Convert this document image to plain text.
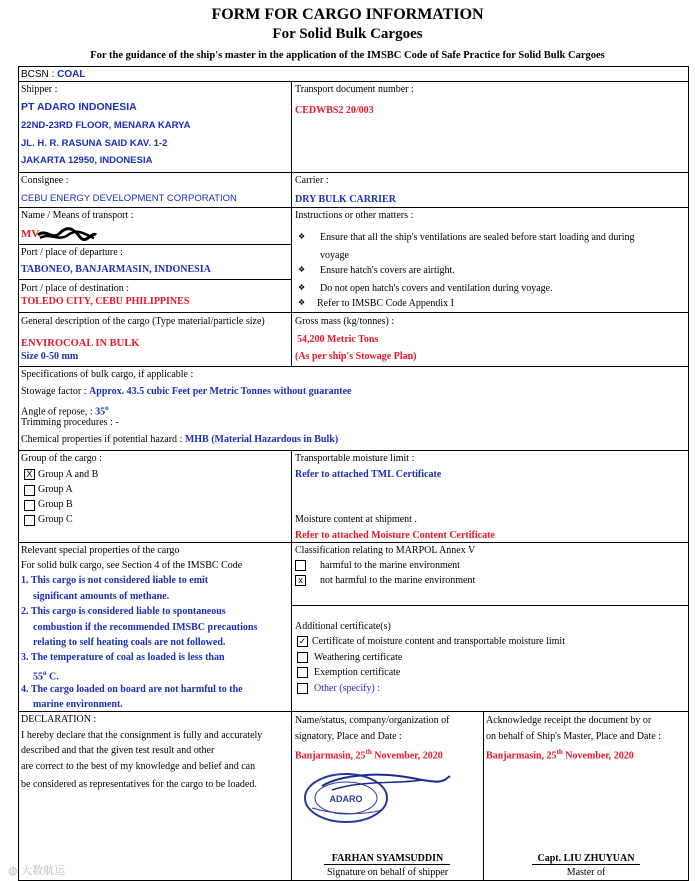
FORM FOR CARGO INFORMATION
For Solid Bulk Cargoes
For the guidance of the ship's master in the application of the IMSBC Code of Safe Practice for Solid Bulk Cargoes
BCSN : COAL
Shipper :
PT ADARO INDONESIA
22ND-23RD FLOOR, MENARA KARYA
JL. H. R. RASUNA SAID KAV. 1-2
JAKARTA 12950, INDONESIA
Transport document number :
CEDWBS2 20/003
Consignee :
CEBU ENERGY DEVELOPMENT CORPORATION
Carrier :
DRY BULK CARRIER
Name / Means of transport :
MV
Instructions or other matters :
❖ Ensure that all the ship's ventilations are sealed before start loading and during
voyage
❖ Ensure hatch's covers are airtight.
❖ Do not open hatch's covers and ventilation during voyage.
❖ Refer to IMSBC Code Appendix I
Port / place of departure :
TABONEO, BANJARMASIN, INDONESIA
Port / place of destination :
TOLEDO CITY, CEBU PHILIPPINES
General description of the cargo (Type material/particle size)
ENVIROCOAL IN BULK
Size 0-50 mm
Gross mass (kg/tonnes) :
54,200 Metric Tons
(As per ship's Stowage Plan)
Specifications of bulk cargo, if applicable :
Stowage factor : Approx. 43.5 cubic Feet per Metric Tonnes without guarantee
Angle of repose, : 35$^o$
Trimming procedures : -
Chemical properties if potential hazard : MHB (Material Hazardous in Bulk)
Group of the cargo :
X Group A and B
Group A
Group B
Group C
Transportable moisture limit :
Refer to attached TML Certificate
Moisture content at shipment .
Refer to attached Moisture Content Certificate
Relevant special properties of the cargo
For solid bulk cargo, see Section 4 of the IMSBC Code
1. This cargo is not considered liable to emit
significant amounts of methane.
2. This cargo is considered liable to spontaneous
combustion if the recommended IMSBC precautions
relating to self heating coals are not followed.
3. The temperature of coal as loaded is less than
55$^o$ C.
4. The cargo loaded on board are not harmful to the
marine environment.
Classification relating to MARPOL Annex V
harmful to the marine environment
x	not harmful to the marine environment
Additional certificate(s)
✓ Certificate of moisture content and transportable moisture limit
Weathering certificate
Exemption certificate
Other (specify) :
DECLARATION :
I hereby declare that the consignment is fully and accurately
described and that the given test result and other
are correct to the best of my knowledge and belief and can
be considered as representatives for the cargo to be loaded.
Name/status, company/organization of
signatory, Place and Date :
Banjarmasin, 25th November, 2020
ADARO
FARHAN SYAMSUDDIN
Signature on behalf of shipper
Acknowledge receipt the document by or
on behalf of Ship's Master, Place and Date :
Banjarmasin, 25th November, 2020
Capt. LIU ZHUYUAN
Master of
◍ 大数航运
